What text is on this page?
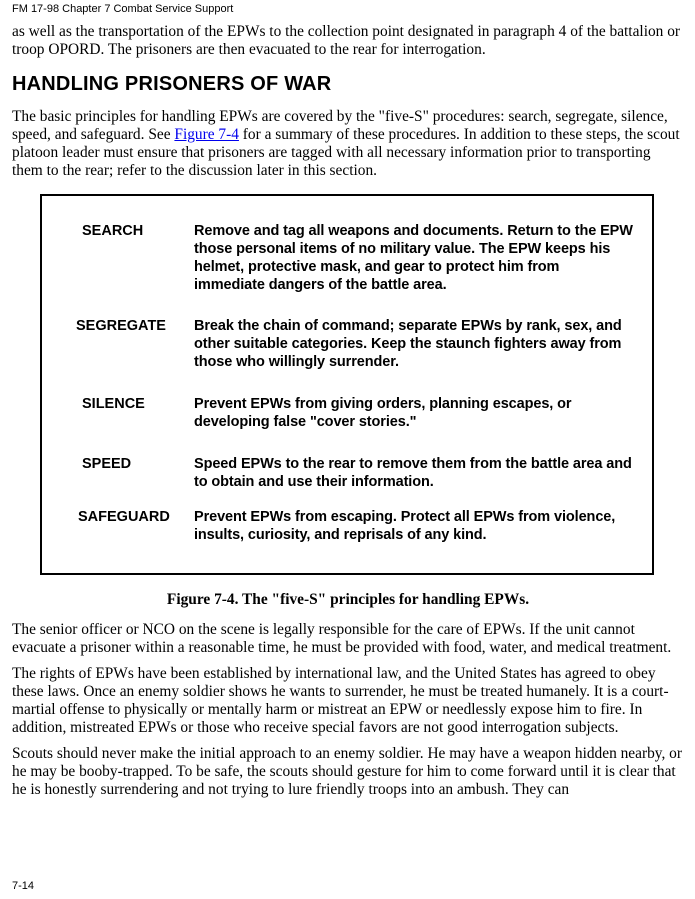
FM 17-98 Chapter 7 Combat Service Support

as well as the transportation of the EPWs to the collection point designated in paragraph 4 of the battalion or troop OPORD. The prisoners are then evacuated to the rear for interrogation.

HANDLING PRISONERS OF WAR

The basic principles for handling EPWs are covered by the "five-S" procedures: search, segregate, silence, speed, and safeguard. See Figure 7-4 for a summary of these procedures. In addition to these steps, the scout platoon leader must ensure that prisoners are tagged with all necessary information prior to transporting them to the rear; refer to the discussion later in this section.

SEARCH	Remove and tag all weapons and documents. Return to the EPW those personal items of no military value. The EPW keeps his helmet, protective mask, and gear to protect him from immediate dangers of the battle area.
SEGREGATE Break the chain of command; separate EPWs by rank, sex, and other suitable categories. Keep the staunch fighters away from those who willingly surrender.
SILENCE	Prevent EPWs from giving orders, planning escapes, or developing false "cover stories."
SPEED	Speed EPWs to the rear to remove them from the battle area and to obtain and use their information.
SAFEGUARD Prevent EPWs from escaping. Protect all EPWs from violence, insults, curiosity, and reprisals of any kind.
Figure 7-4. The "five-S" principles for handling EPWs.

The senior officer or NCO on the scene is legally responsible for the care of EPWs. If the unit cannot evacuate a prisoner within a reasonable time, he must be provided with food, water, and medical treatment.

The rights of EPWs have been established by international law, and the United States has agreed to obey these laws. Once an enemy soldier shows he wants to surrender, he must be treated humanely. It is a court-martial offense to physically or mentally harm or mistreat an EPW or needlessly expose him to fire. In addition, mistreated EPWs or those who receive special favors are not good interrogation subjects.

Scouts should never make the initial approach to an enemy soldier. He may have a weapon hidden nearby, or he may be booby-trapped. To be safe, the scouts should gesture for him to come forward until it is clear that he is honestly surrendering and not trying to lure friendly troops into an ambush. They can

7-14
